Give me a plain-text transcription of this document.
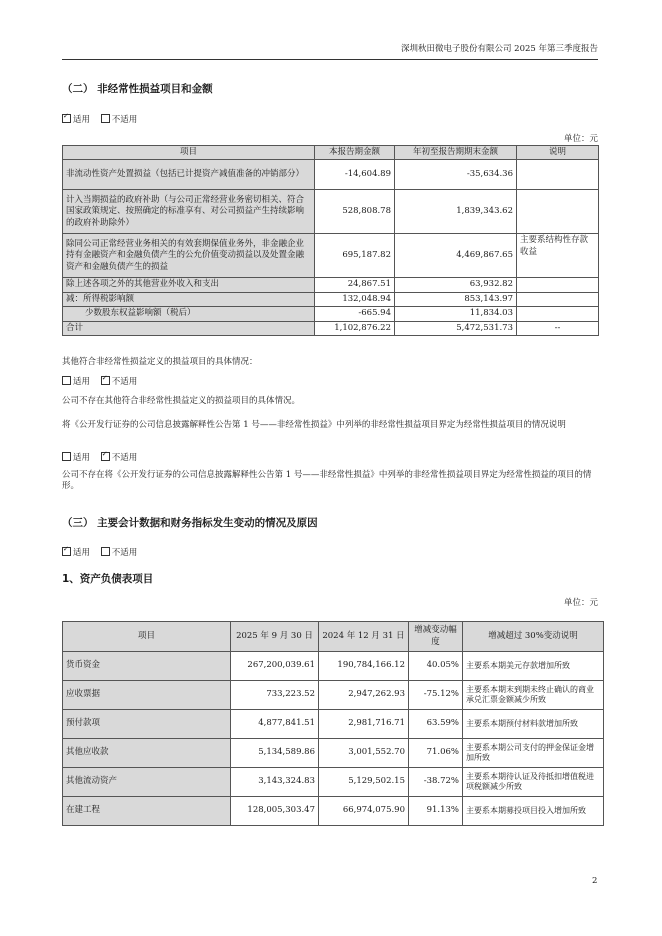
深圳秋田微电子股份有限公司 2025 年第三季度报告
（二） 非经常性损益项目和金额
✓适用	不适用
单位：元
项目	本报告期金额	年初至报告期期末金额	说明
非流动性资产处置损益（包括已计提资产减值准备的冲销部分）	-14,604.89	-35,634.36	
计入当期损益的政府补助（与公司正常经营业务密切相关、符合国家政策规定、按照确定的标准享有、对公司损益产生持续影响的政府补助除外）	528,808.78	1,839,343.62	
除同公司正常经营业务相关的有效套期保值业务外，非金融企业持有金融资产和金融负债产生的公允价值变动损益以及处置金融资产和金融负债产生的损益	695,187.82	4,469,867.65	主要系结构性存款收益
除上述各项之外的其他营业外收入和支出	24,867.51	63,932.82	
减：所得税影响额	132,048.94	853,143.97	
少数股东权益影响额（税后）	-665.94	11,834.03	
合计	1,102,876.22	5,472,531.73	--
其他符合非经常性损益定义的损益项目的具体情况：
适用 ✓	不适用
公司不存在其他符合非经常性损益定义的损益项目的具体情况。
将《公开发行证券的公司信息披露解释性公告第 1 号——非经常性损益》中列举的非经常性损益项目界定为经常性损益项目的情况说明
适用 ✓	不适用
公司不存在将《公开发行证券的公司信息披露解释性公告第 1 号——非经常性损益》中列举的非经常性损益项目界定为经常性损益的项目的情形。
（三） 主要会计数据和财务指标发生变动的情况及原因
✓适用	不适用
1、资产负债表项目
单位：元
项目	2025 年 9 月 30 日	2024 年 12 月 31 日	增减变动幅度	增减超过 30%变动说明
货币资金	267,200,039.61	190,784,166.12	40.05%	主要系本期美元存款增加所致
应收票据	733,223.52	2,947,262.93	-75.12%	主要系本期末到期未终止确认的商业承兑汇票金额减少所致
预付款项	4,877,841.51	2,981,716.71	63.59%	主要系本期预付材料款增加所致
其他应收款	5,134,589.86	3,001,552.70	71.06%	主要系本期公司支付的押金保证金增加所致
其他流动资产	3,143,324.83	5,129,502.15	-38.72%	主要系本期待认证及待抵扣增值税进项税额减少所致
在建工程	128,005,303.47	66,974,075.90	91.13%	主要系本期募投项目投入增加所致
2
